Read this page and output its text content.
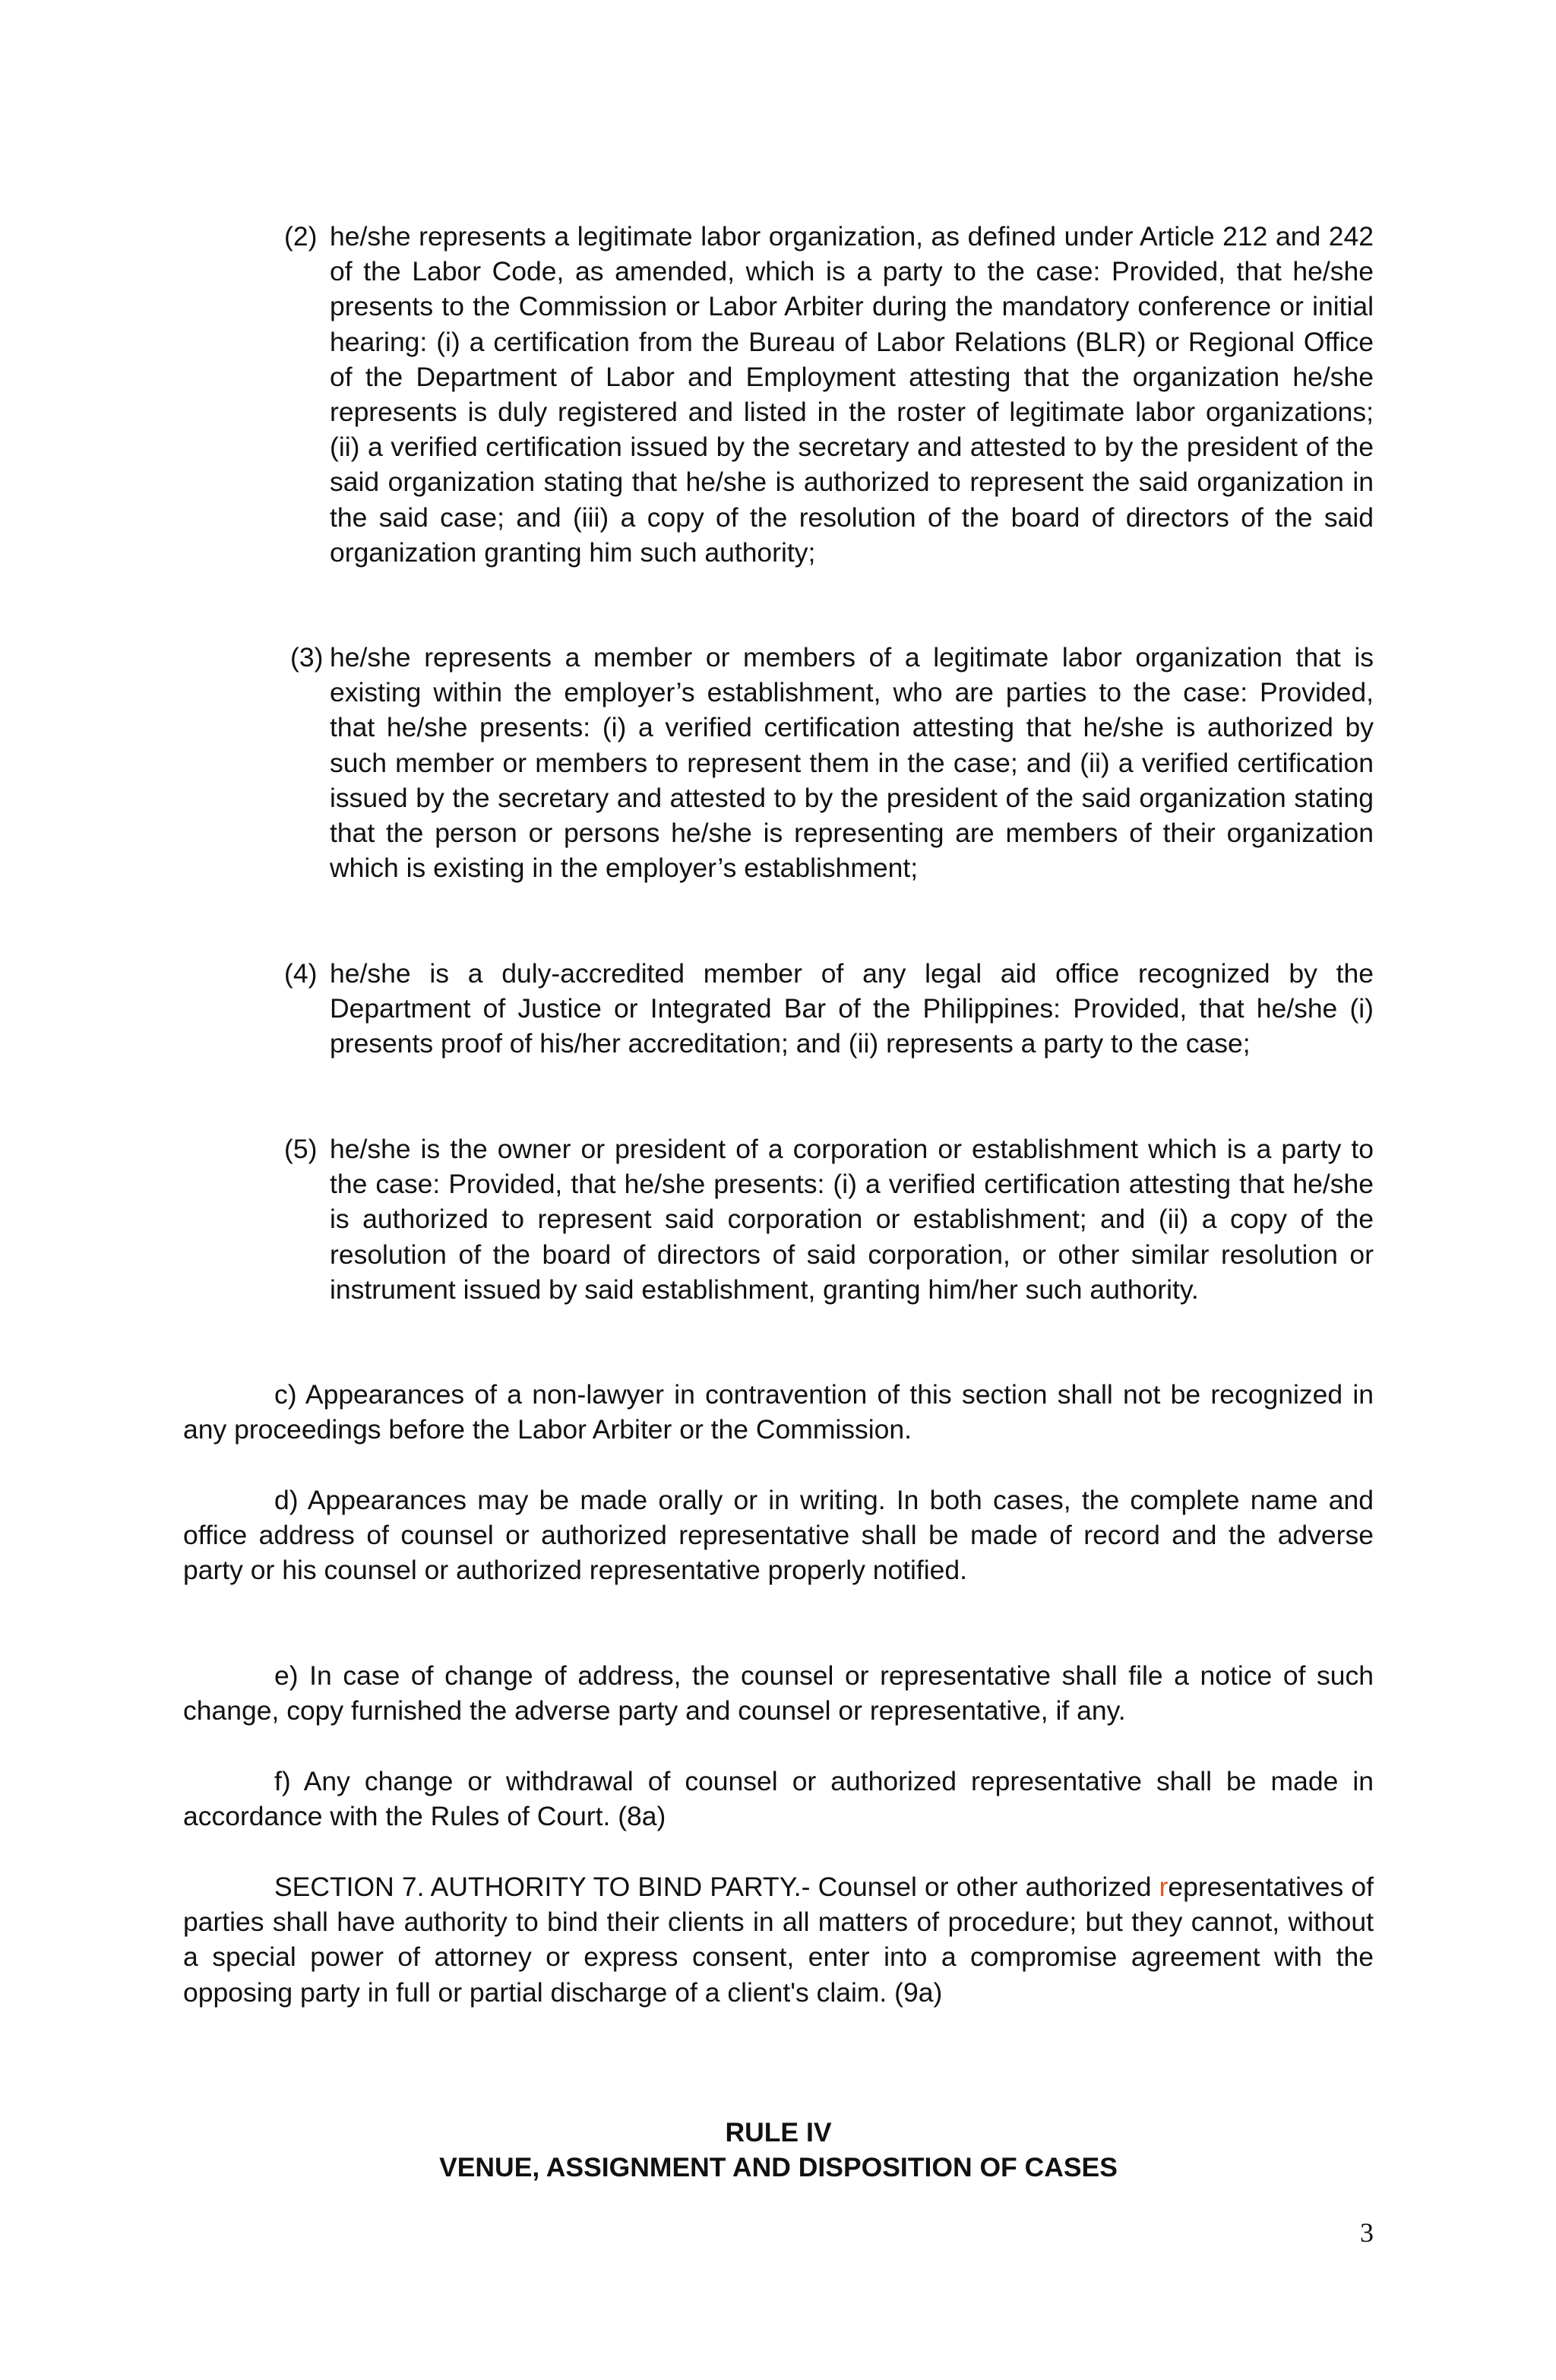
(2) he/she represents a legitimate labor organization, as defined under Article 212 and 242 of the Labor Code, as amended, which is a party to the case: Provided, that he/she presents to the Commission or Labor Arbiter during the mandatory conference or initial hearing: (i) a certification from the Bureau of Labor Relations (BLR) or Regional Office of the Department of Labor and Employment attesting that the organization he/she represents is duly registered and listed in the roster of legitimate labor organizations; (ii) a verified certification issued by the secretary and attested to by the president of the said organization stating that he/she is authorized to represent the said organization in the said case; and (iii) a copy of the resolution of the board of directors of the said organization granting him such authority;

(3) he/she represents a member or members of a legitimate labor organization that is existing within the employer’s establishment, who are parties to the case: Provided, that he/she presents: (i) a verified certification attesting that he/she is authorized by such member or members to represent them in the case; and (ii) a verified certification issued by the secretary and attested to by the president of the said organization stating that the person or persons he/she is representing are members of their organization which is existing in the employer’s establishment;

(4) he/she is a duly-accredited member of any legal aid office recognized by the Department of Justice or Integrated Bar of the Philippines: Provided, that he/she (i) presents proof of his/her accreditation; and (ii) represents a party to the case;

(5) he/she is the owner or president of a corporation or establishment which is a party to the case: Provided, that he/she presents: (i) a verified certification attesting that he/she is authorized to represent said corporation or establishment; and (ii) a copy of the resolution of the board of directors of said corporation, or other similar resolution or instrument issued by said establishment, granting him/her such authority.

c) Appearances of a non-lawyer in contravention of this section shall not be recognized in any proceedings before the Labor Arbiter or the Commission.

d) Appearances may be made orally or in writing. In both cases, the complete name and office address of counsel or authorized representative shall be made of record and the adverse party or his counsel or authorized representative properly notified.

e) In case of change of address, the counsel or representative shall file a notice of such change, copy furnished the adverse party and counsel or representative, if any.

f) Any change or withdrawal of counsel or authorized representative shall be made in accordance with the Rules of Court. (8a)

SECTION 7. AUTHORITY TO BIND PARTY.- Counsel or other authorized representatives of parties shall have authority to bind their clients in all matters of procedure; but they cannot, without a special power of attorney or express consent, enter into a compromise agreement with the opposing party in full or partial discharge of a client's claim. (9a)

RULE IV

VENUE, ASSIGNMENT AND DISPOSITION OF CASES

3
